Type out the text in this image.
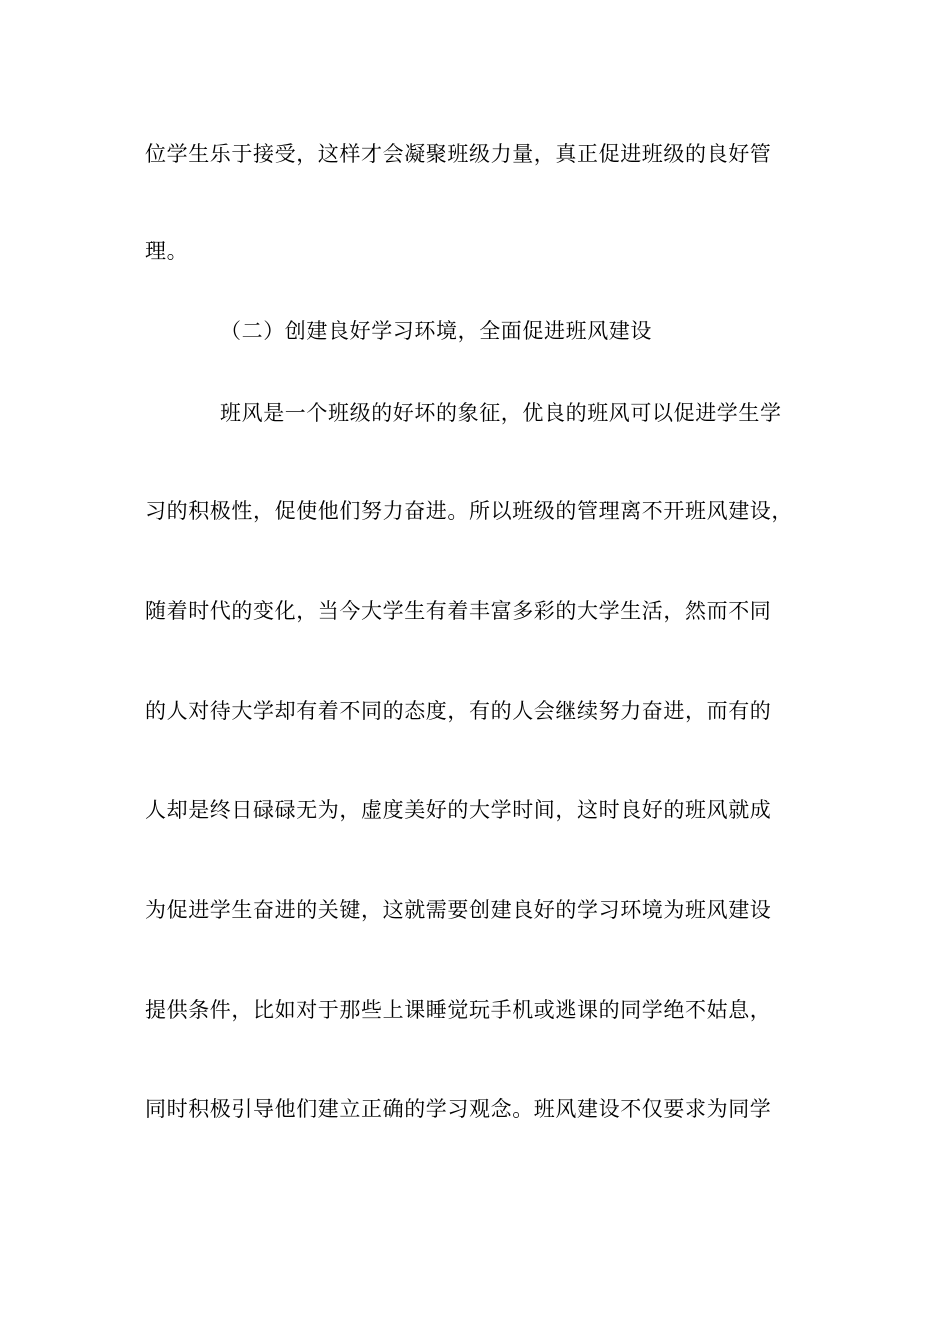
位学生乐于接受，这样才会凝聚班级力量，真正促进班级的良好管
理。
（二）创建良好学习环境，全面促进班风建设
班风是一个班级的好坏的象征，优良的班风可以促进学生学
习的积极性，促使他们努力奋进。所以班级的管理离不开班风建设，
随着时代的变化，当今大学生有着丰富多彩的大学生活，然而不同
的人对待大学却有着不同的态度，有的人会继续努力奋进，而有的
人却是终日碌碌无为，虚度美好的大学时间，这时良好的班风就成
为促进学生奋进的关键，这就需要创建良好的学习环境为班风建设
提供条件，比如对于那些上课睡觉玩手机或逃课的同学绝不姑息，
同时积极引导他们建立正确的学习观念。班风建设不仅要求为同学
